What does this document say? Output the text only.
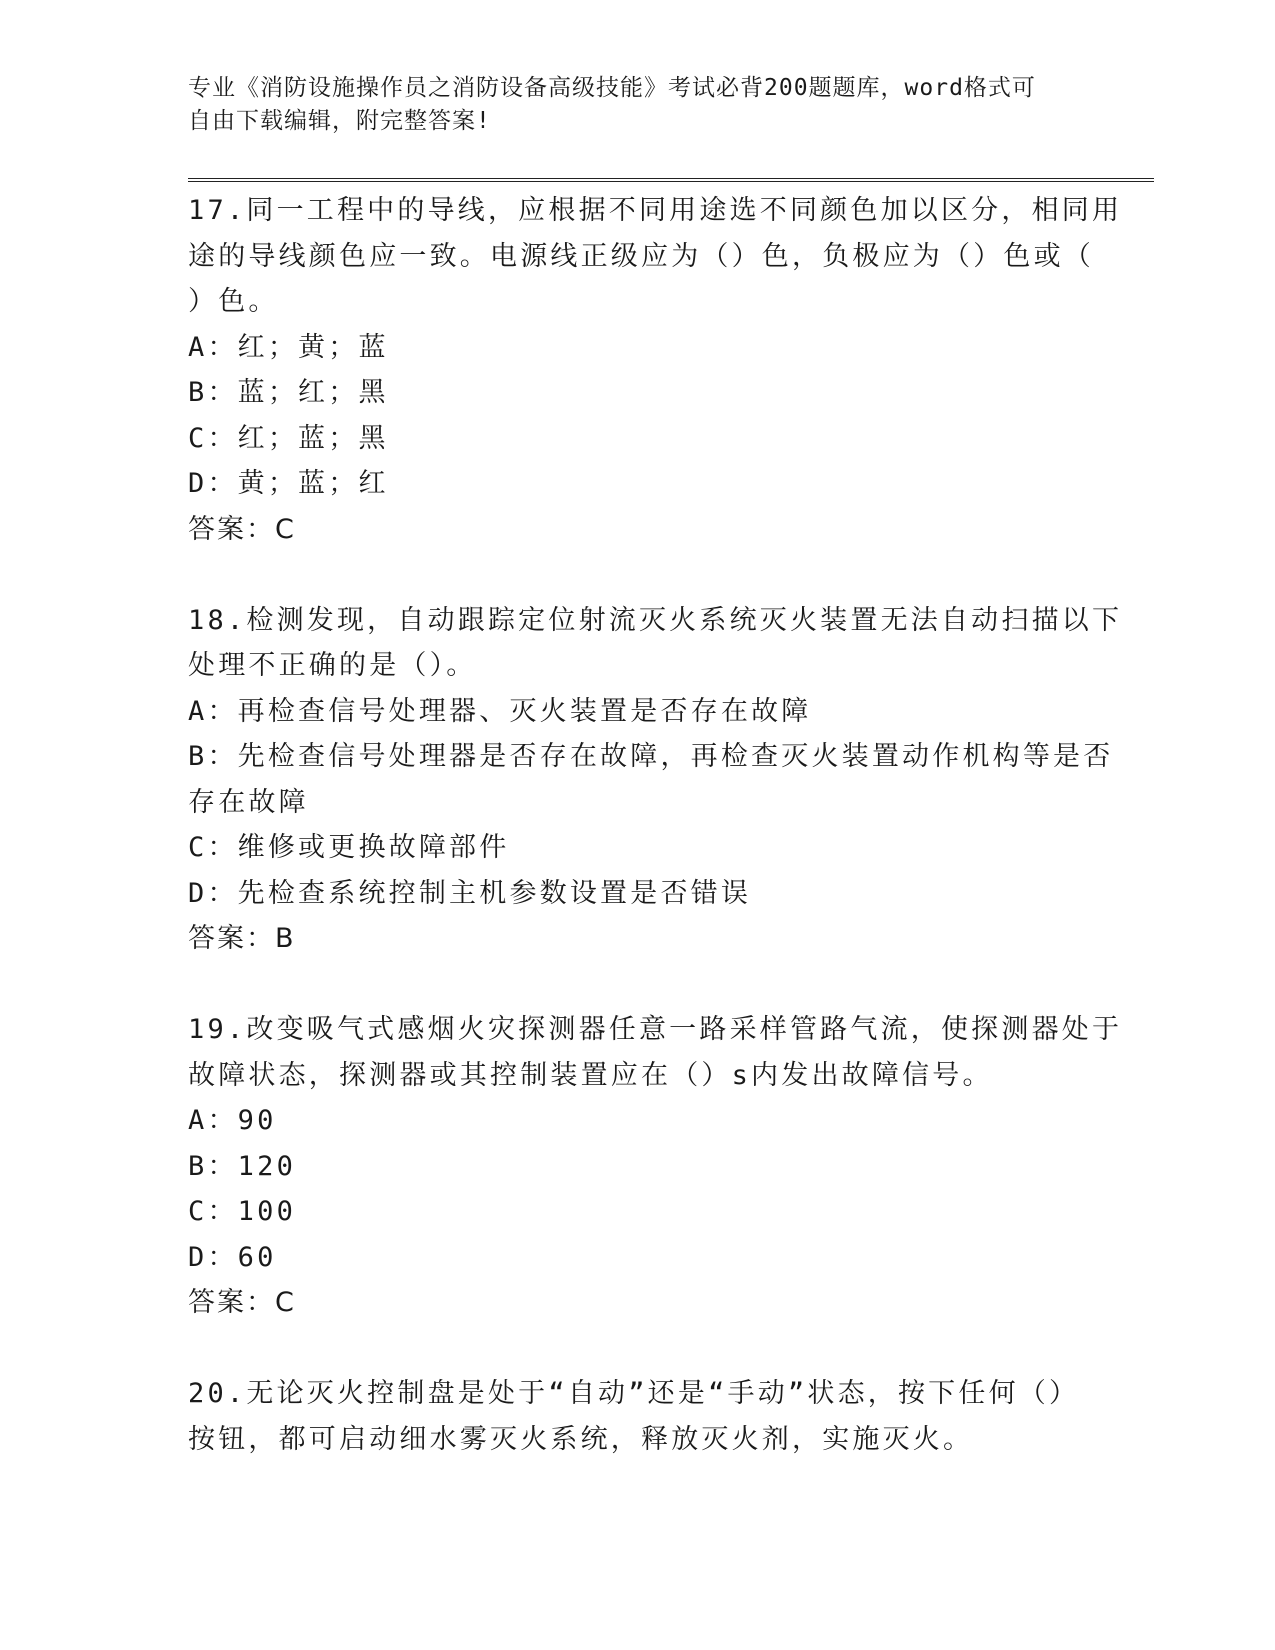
专业《消防设施操作员之消防设备高级技能》考试必背200题题库，word格式可
自由下载编辑，附完整答案!
17.同一工程中的导线，应根据不同用途选不同颜色加以区分，相同用
途的导线颜色应一致。电源线正级应为（）色，负极应为（）色或（
）色。
A：红；黄；蓝
B：蓝；红；黑
C：红；蓝；黑
D：黄；蓝；红
答案：C
18.检测发现，自动跟踪定位射流灭火系统灭火装置无法自动扫描以下
处理不正确的是（）。
A：再检查信号处理器、灭火装置是否存在故障
B：先检查信号处理器是否存在故障，再检查灭火装置动作机构等是否
存在故障
C：维修或更换故障部件
D：先检查系统控制主机参数设置是否错误
答案：B
19.改变吸气式感烟火灾探测器任意一路采样管路气流，使探测器处于
故障状态，探测器或其控制装置应在（）s内发出故障信号。
A：90
B：120
C：100
D：60
答案：C
20.无论灭火控制盘是处于“自动”还是“手动”状态，按下任何（）
按钮，都可启动细水雾灭火系统，释放灭火剂，实施灭火。
